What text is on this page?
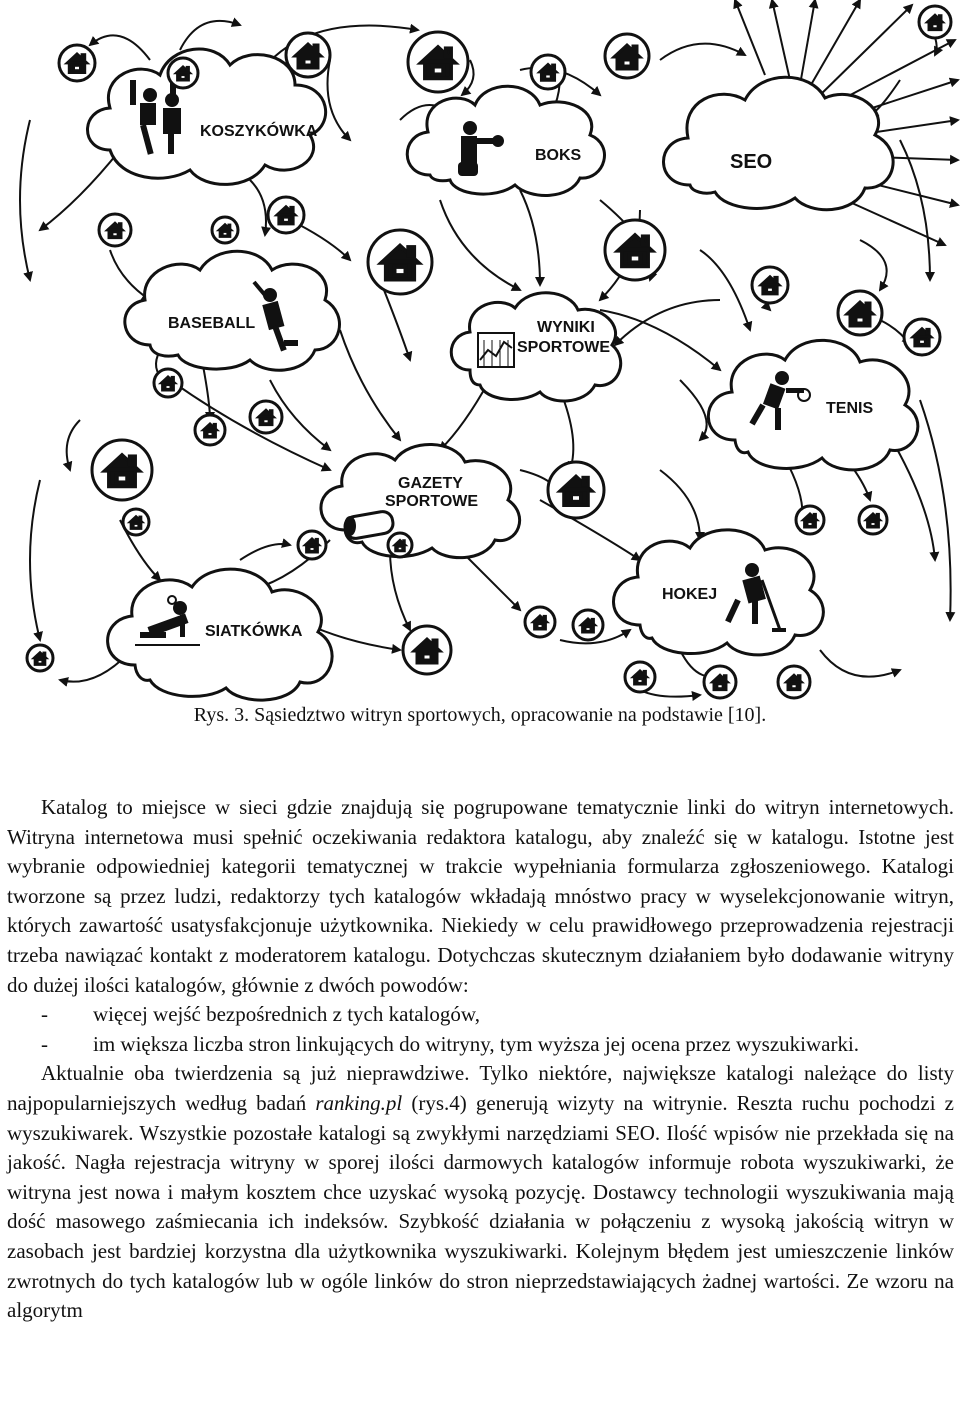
KOSZYKÓWKA
BOKS	SEO
BASEBALL	WYNIKI
SPORTOWE
TENIS
GAZETY
SPORTOWE
HOKEJ
SIATKÓWKA
Rys. 3. Sąsiedztwo witryn sportowych, opracowanie na podstawie [10].

Katalog to miejsce w sieci gdzie znajdują się pogrupowane tematycznie linki do witryn internetowych. Witryna internetowa musi spełnić oczekiwania redaktora katalogu, aby znaleźć się w katalogu. Istotne jest wybranie odpowiedniej kategorii tematycznej w trakcie wypełniania formularza zgłoszeniowego. Katalogi tworzone są przez ludzi, redaktorzy tych katalogów wkładają mnóstwo pracy w wyselekcjonowanie witryn, których zawartość usatysfakcjonuje użytkownika. Niekiedy w celu prawidłowego przeprowadzenia rejestracji trzeba nawiązać kontakt z moderatorem katalogu. Dotychczas skutecznym działaniem było dodawanie witryny do dużej ilości katalogów, głównie z dwóch powodów:

-	więcej wejść bezpośrednich z tych katalogów,
-	im większa liczba stron linkujących do witryny, tym wyższa jej ocena przez wyszukiwarki.

Aktualnie oba twierdzenia są już nieprawdziwe. Tylko niektóre, największe katalogi należące do listy najpopularniejszych według badań ranking.pl (rys.4) generują wizyty na witrynie. Reszta ruchu pochodzi z wyszukiwarek. Wszystkie pozostałe katalogi są zwykłymi narzędziami SEO. Ilość wpisów nie przekłada się na jakość. Nagła rejestracja witryny w sporej ilości darmowych katalogów informuje robota wyszukiwarki, że witryna jest nowa i małym kosztem chce uzyskać wysoką pozycję. Dostawcy technologii wyszukiwania mają dość masowego zaśmiecania ich indeksów. Szybkość działania w połączeniu z wysoką jakością witryn w zasobach jest bardziej korzystna dla użytkownika wyszukiwarki. Kolejnym błędem jest umieszczenie linków zwrotnych do tych katalogów lub w ogóle linków do stron nieprzedstawiających żadnej wartości. Ze wzoru na algorytm
